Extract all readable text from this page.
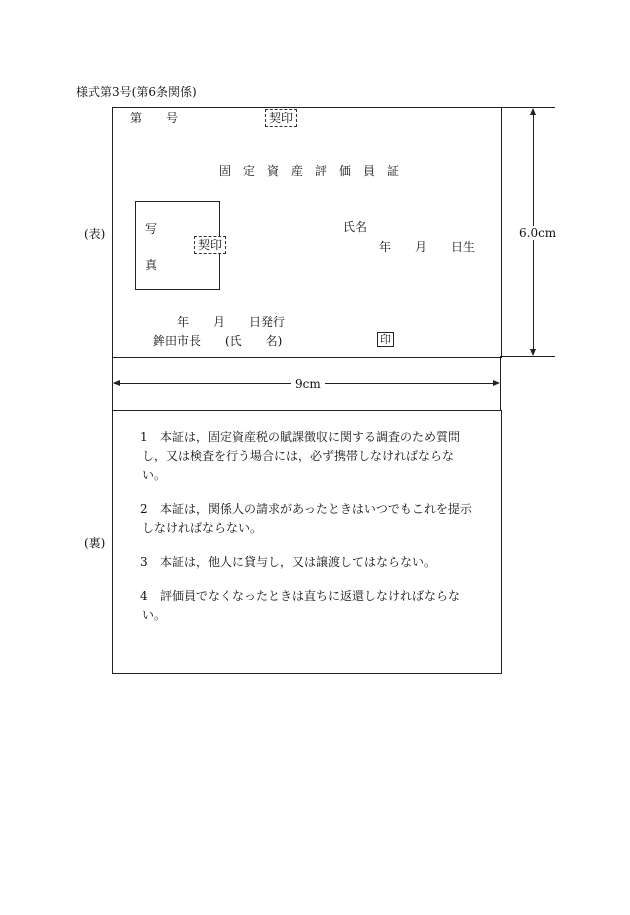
様式第3号(第6条関係)
(表)
第　　号	契印
固　定　資　産　評　価　員　証
写
真
契印
氏名
年　　月　　日生
年　　月　　日発行
鉾田市長　　(氏　　名)	印
6.0cm
9cm
(裏)

1 本証は，固定資産税の賦課徴収に関する調査のため質問

し，又は検査を行う場合には，必ず携帯しなければならな

い。

2 本証は，関係人の請求があったときはいつでもこれを提示

しなければならない。

3 本証は，他人に貸与し，又は譲渡してはならない。

4 評価員でなくなったときは直ちに返還しなければならな

い。
